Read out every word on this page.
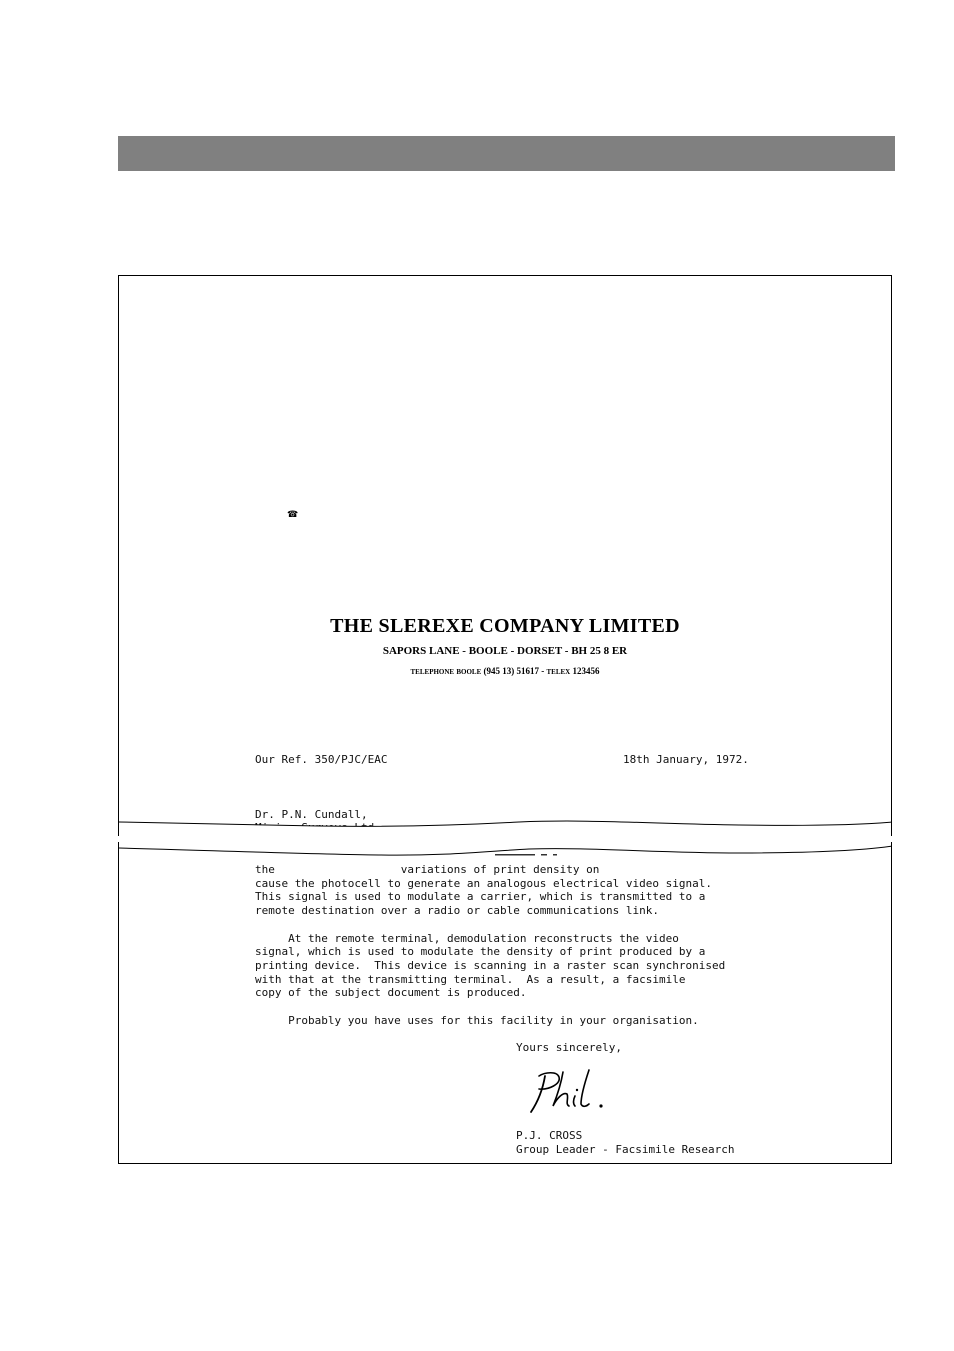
☎
THE SLEREXE COMPANY LIMITED
SAPORS LANE - BOOLE - DORSET - BH 25 8 ER
TELEPHONE BOOLE (945 13) 51617 - TELEX 123456
Our Ref. 350/PJC/EAC	18th January, 1972.
Dr. P.N. Cundall,
the                   variations of print density on
cause the photocell to generate an analogous electrical video signal.
This signal is used to modulate a carrier, which is transmitted to a
remote destination over a radio or cable communications link.

At the remote terminal, demodulation reconstructs the video
signal, which is used to modulate the density of print produced by a
printing device.  This device is scanning in a raster scan synchronised
with that at the transmitting terminal.  As a result, a facsimile
copy of the subject document is produced.

Probably you have uses for this facility in your organisation.
Yours sincerely,
P.J. CROSS
Group Leader - Facsimile Research
